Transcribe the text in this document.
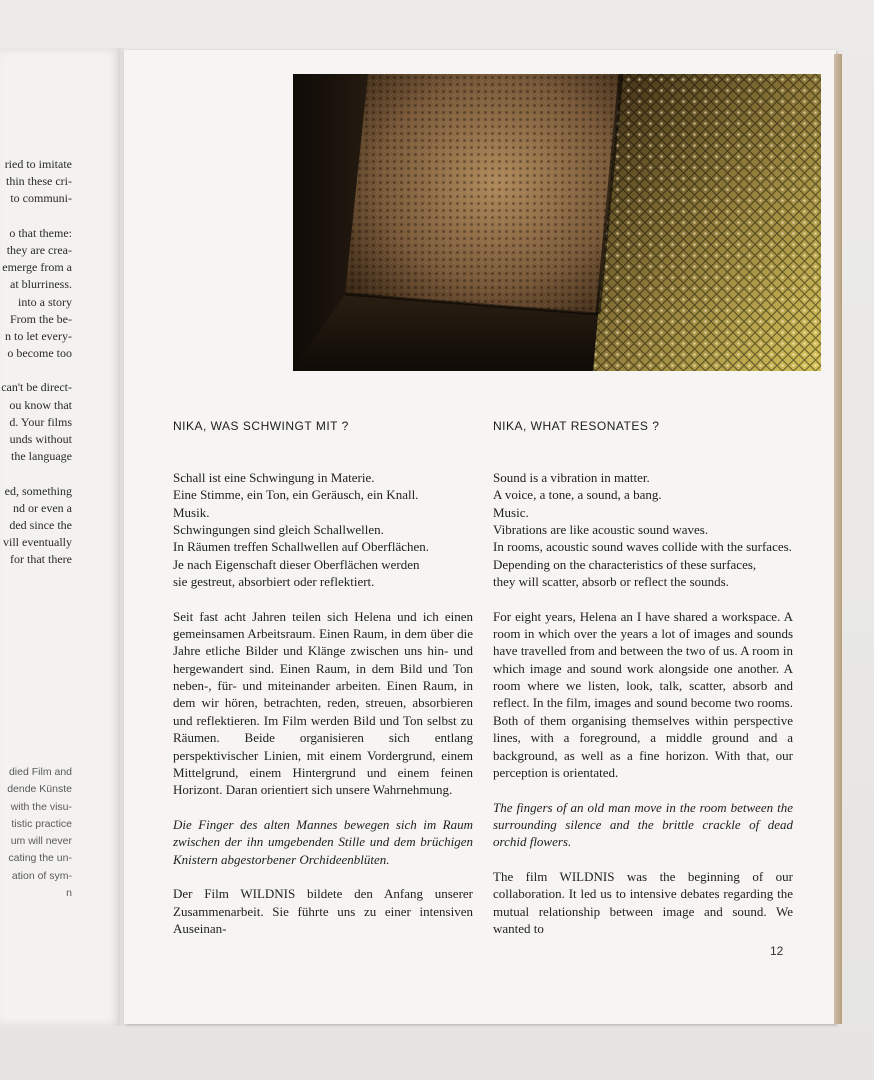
ried to imitate
thin these cri-
to communi-
o that theme:
they are crea-
emerge from a
at blurriness.
into a story
From the be-
n to let every-
o become too
can't be direct-
ou know that
d. Your films
unds without
the language
ed, something
nd or even a
ded since the
vill eventually
for that there
died Film and
dende Künste
with the visu-
tistic practice
um will never
cating the un-
ation of sym-
n
NIKA, WAS SCHWINGT MIT ?
Schall ist eine Schwingung in Materie.
Eine Stimme, ein Ton, ein Geräusch, ein Knall.
Musik.
Schwingungen sind gleich Schallwellen.
In Räumen treffen Schallwellen auf Oberflächen.
Je nach Eigenschaft dieser Oberflächen werden
sie gestreut, absorbiert oder reflektiert.
Seit fast acht Jahren teilen sich Helena und ich einen gemeinsamen Arbeitsraum. Einen Raum, in dem über die Jahre etliche Bilder und Klänge zwischen uns hin- und hergewandert sind. Einen Raum, in dem Bild und Ton neben-, für- und miteinander arbeiten. Einen Raum, in dem wir hören, betrachten, reden, streuen, absorbieren und reflektieren. Im Film werden Bild und Ton selbst zu Räumen. Beide organisieren sich entlang perspektivischer Linien, mit einem Vordergrund, einem Mittelgrund, einem Hintergrund und einem feinen Horizont. Daran orientiert sich unsere Wahrnehmung.
Die Finger des alten Mannes bewegen sich im Raum zwischen der ihn umgebenden Stille und dem brüchigen Knistern abgestorbener Orchideenblüten.
Der Film WILDNIS bildete den Anfang unserer Zusammenarbeit. Sie führte uns zu einer intensiven Auseinan-
NIKA, WHAT RESONATES ?
Sound is a vibration in matter.
A voice, a tone, a sound, a bang.
Music.
Vibrations are like acoustic sound waves.
In rooms, acoustic sound waves collide with the surfaces.
Depending on the characteristics of these surfaces,
they will scatter, absorb or reflect the sounds.
For eight years, Helena an I have shared a workspace. A room in which over the years a lot of images and sounds have travelled from and between the two of us. A room in which image and sound work alongside one another. A room where we listen, look, talk, scatter, absorb and reflect. In the film, images and sound become two rooms. Both of them organising themselves within perspective lines, with a foreground, a middle ground and a background, as well as a fine horizon. With that, our perception is orientated.
The fingers of an old man move in the room between the surrounding silence and the brittle crackle of dead orchid flowers.
The film WILDNIS was the beginning of our collaboration. It led us to intensive debates regarding the mutual relationship between image and sound. We wanted to
12
